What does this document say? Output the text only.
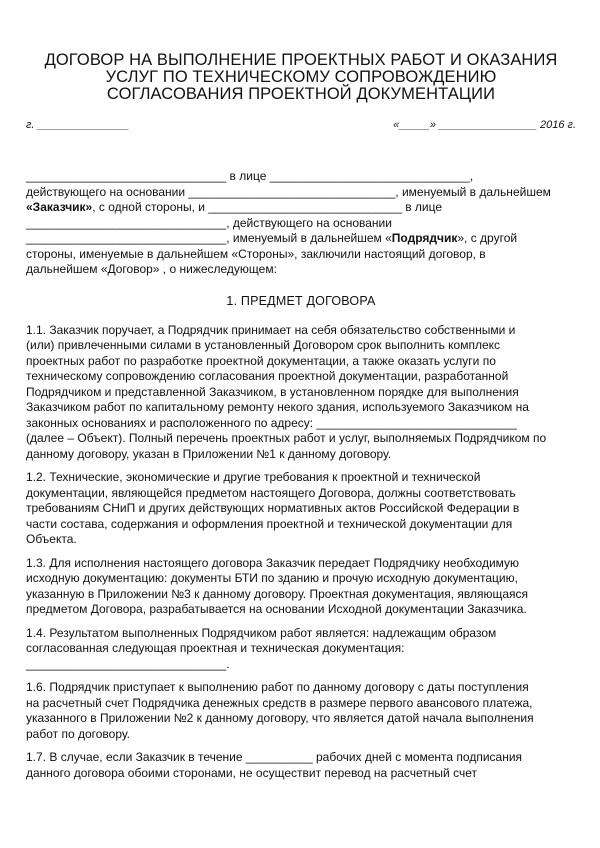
ДОГОВОР НА ВЫПОЛНЕНИЕ ПРОЕКТНЫХ РАБОТ И ОКАЗАНИЯ
УСЛУГ ПО ТЕХНИЧЕСКОМУ СОПРОВОЖДЕНИЮ
СОГЛАСОВАНИЯ ПРОЕКТНОЙ ДОКУМЕНТАЦИИ
г. _______________	«_____» ________________ 2016 г.
______________________________ в лице ______________________________,
действующего на основании _______________________________, именуемый в дальнейшем
«Заказчик», с одной стороны, и _____________________________ в лице
______________________________, действующего на основании
______________________________, именуемый в дальнейшем «Подрядчик», с другой
стороны, именуемые в дальнейшем «Стороны», заключили настоящий договор, в
дальнейшем «Договор» , о нижеследующем:
1. ПРЕДМЕТ ДОГОВОРА
1.1. Заказчик поручает, а Подрядчик принимает на себя обязательство собственными и
(или) привлеченными силами в установленный Договором срок выполнить комплекс
проектных работ по разработке проектной документации, а также оказать услуги по
техническому сопровождению согласования проектной документации, разработанной
Подрядчиком и представленной Заказчиком, в установленном порядке для выполнения
Заказчиком работ по капитальному ремонту некого здания, используемого Заказчиком на
законных основаниях и расположенного по адресу: ______________________________
(далее – Объект). Полный перечень проектных работ и услуг, выполняемых Подрядчиком по
данному договору, указан в Приложении №1 к данному договору.
1.2. Технические, экономические и другие требования к проектной и технической
документации, являющейся предметом настоящего Договора, должны соответствовать
требованиям СНиП и других действующих нормативных актов Российской Федерации в
части состава, содержания и оформления проектной и технической документации для
Объекта.
1.3. Для исполнения настоящего договора Заказчик передает Подрядчику необходимую
исходную документацию: документы БТИ по зданию и прочую исходную документацию,
указанную в Приложении №3 к данному договору. Проектная документация, являющаяся
предметом Договора, разрабатывается на основании Исходной документации Заказчика.
1.4. Результатом выполненных Подрядчиком работ является: надлежащим образом
согласованная следующая проектная и техническая документация:
______________________________.
1.6. Подрядчик приступает к выполнению работ по данному договору с даты поступления
на расчетный счет Подрядчика денежных средств в размере первого авансового платежа,
указанного в Приложении №2 к данному договору, что является датой начала выполнения
работ по договору.
1.7. В случае, если Заказчик в течение __________ рабочих дней с момента подписания
данного договора обоими сторонами, не осуществит перевод на расчетный счет
